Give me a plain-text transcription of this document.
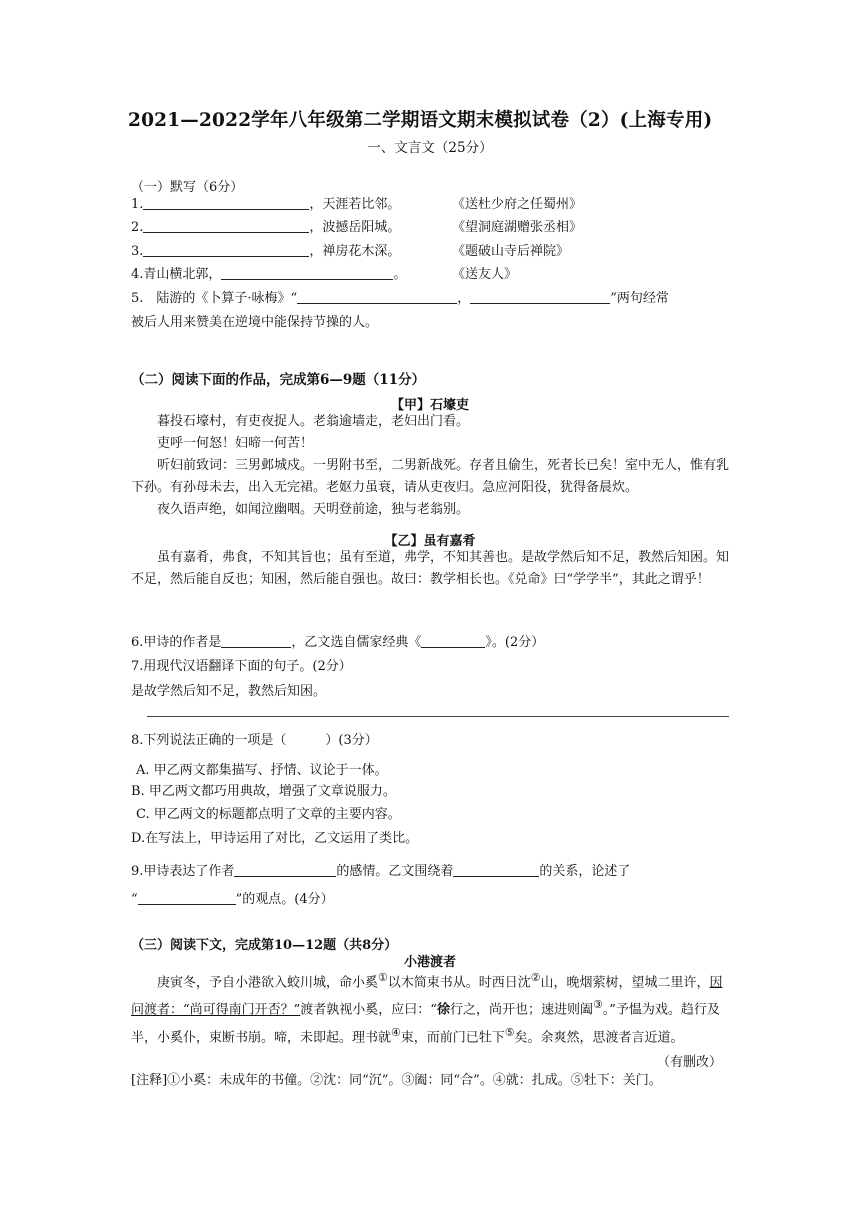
2021—2022学年八年级第二学期语文期末模拟试卷（2）(上海专用)
一、文言文（25分）
（一）默写（6分）
1.	，天涯若比邻。	《送杜少府之任蜀州》
2.	，波撼岳阳城。	《望洞庭湖赠张丞相》
3.	，禅房花木深。	《题破山寺后禅院》
4.青山横北郭，	。	《送友人》
5.　陆游的《卜算子·咏梅》“	，	”两句经常
被后人用来赞美在逆境中能保持节操的人。
（二）阅读下面的作品，完成第6—9题（11分）
【甲】石壕吏

暮投石壕村，有吏夜捉人。老翁逾墙走，老妇出门看。

吏呼一何怒！妇啼一何苦！

听妇前致词：三男邺城戍。一男附书至，二男新战死。存者且偷生，死者长已矣！室中无人，惟有乳下孙。有孙母未去，出入无完裙。老妪力虽衰，请从吏夜归。急应河阳役，犹得备晨炊。

夜久语声绝，如闻泣幽咽。天明登前途，独与老翁别。

【乙】虽有嘉肴

虽有嘉肴，弗食，不知其旨也；虽有至道，弗学，不知其善也。是故学然后知不足，教然后知困。知不足，然后能自反也；知困，然后能自强也。故曰：教学相长也。《兑命》曰“学学半”，其此之谓乎！

6.甲诗的作者是	，乙文选自儒家经典《	》。(2分）
7.用现代汉语翻译下面的句子。(2分）
是故学然后知不足，教然后知困。
8.下列说法正确的一项是（　　　）(3分）
A. 甲乙两文都集描写、抒情、议论于一体。
B. 甲乙两文都巧用典故，增强了文章说服力。
C. 甲乙两文的标题都点明了文章的主要内容。
D.在写法上，甲诗运用了对比，乙文运用了类比。
9.甲诗表达了作者	的感情。乙文围绕着	的关系，论述了
“	”的观点。(4分）
（三）阅读下文，完成第10—12题（共8分）
小港渡者

庚寅冬，予自小港欲入蛟川城，命小奚①以木简束书从。时西日沈②山，晚烟萦树，望城二里许，因问渡者：“尚可得南门开否？”渡者孰视小奚，应曰：“徐行之，尚开也；速进则阖③。”予愠为戏。趋行及半，小奚仆，束断书崩。啼，未即起。理书就④束，而前门已牡下⑤矣。余爽然，思渡者言近道。

（有删改）

[注释]①小奚：未成年的书僮。②沈：同“沉”。③阖：同“合”。④就：扎成。⑤牡下：关门。
